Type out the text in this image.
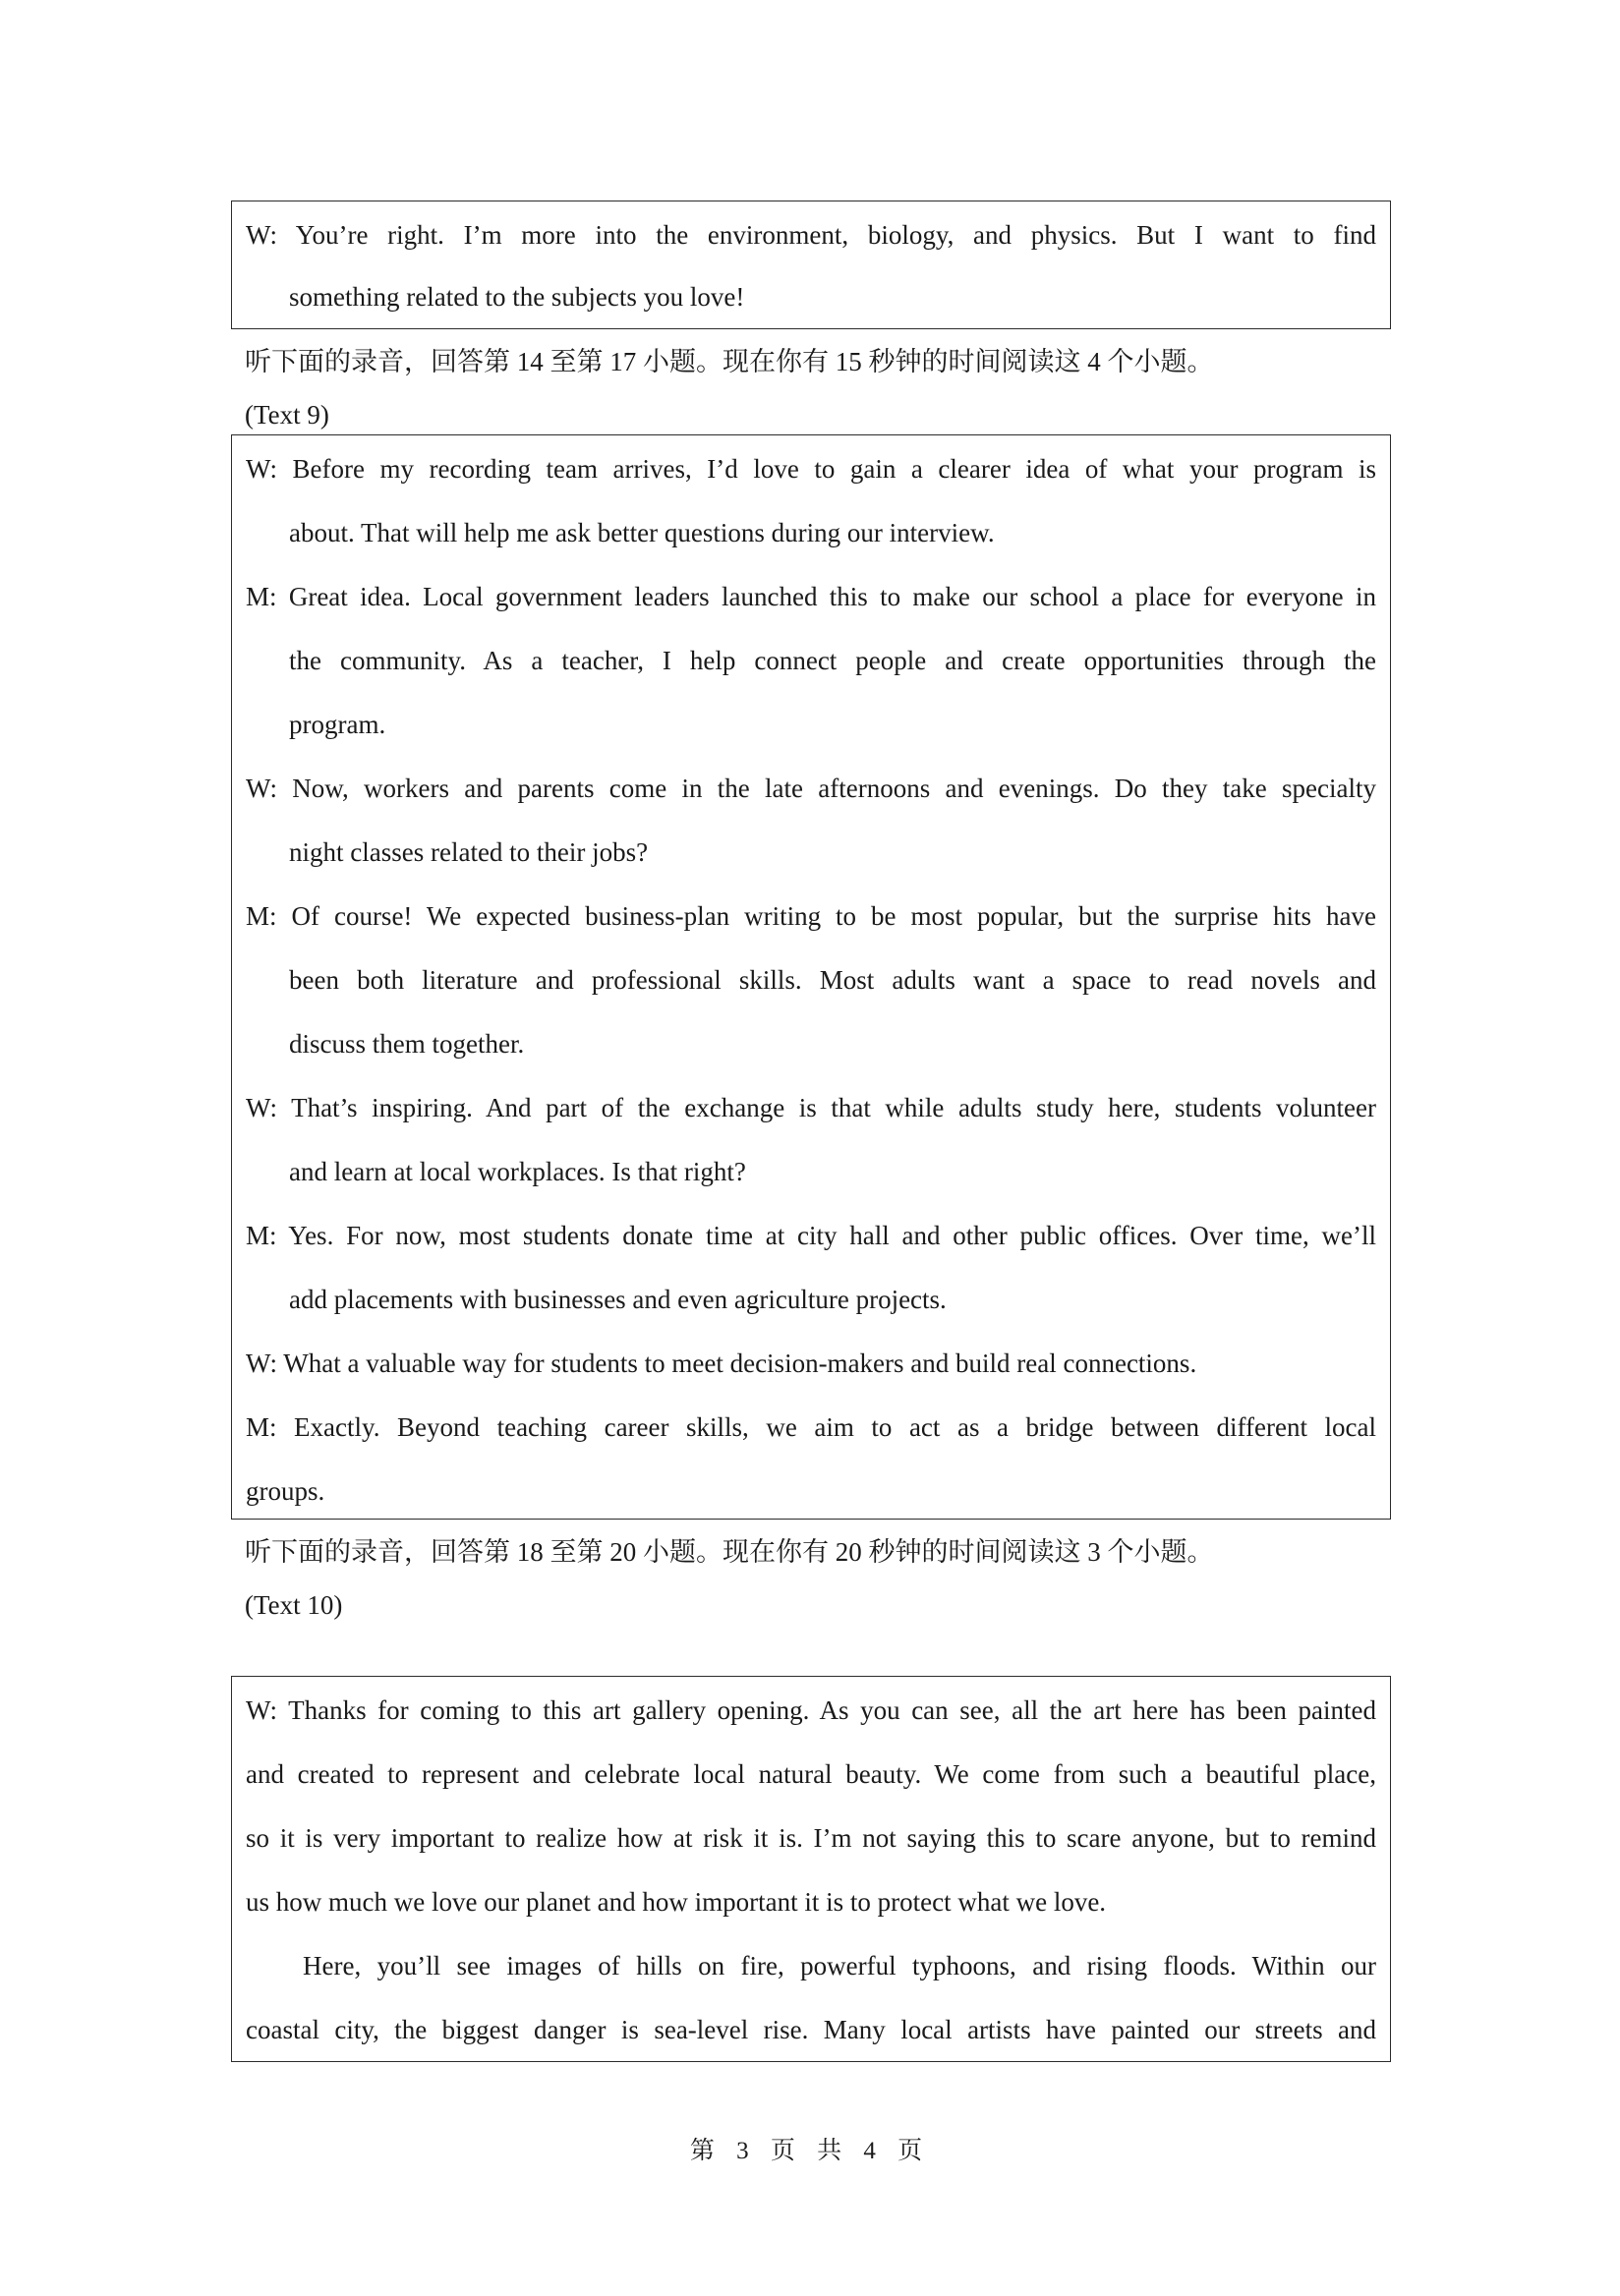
W: You’re right. I’m more into the environment, biology, and physics. But I want to find
something related to the subjects you love!
听下面的录音，回答第 14 至第 17 小题。现在你有 15 秒钟的时间阅读这 4 个小题。
(Text 9)
W: Before my recording team arrives, I’d love to gain a clearer idea of what your program is
about. That will help me ask better questions during our interview.
M: Great idea. Local government leaders launched this to make our school a place for everyone in
the community. As a teacher, I help connect people and create opportunities through the
program.
W: Now, workers and parents come in the late afternoons and evenings. Do they take specialty
night classes related to their jobs?
M: Of course! We expected business-plan writing to be most popular, but the surprise hits have
been both literature and professional skills. Most adults want a space to read novels and
discuss them together.
W: That’s inspiring. And part of the exchange is that while adults study here, students volunteer
and learn at local workplaces. Is that right?
M: Yes. For now, most students donate time at city hall and other public offices. Over time, we’ll
add placements with businesses and even agriculture projects.
W: What a valuable way for students to meet decision-makers and build real connections.
M: Exactly. Beyond teaching career skills, we aim to act as a bridge between different local
groups.
听下面的录音，回答第 18 至第 20 小题。现在你有 20 秒钟的时间阅读这 3 个小题。
(Text 10)
W: Thanks for coming to this art gallery opening. As you can see, all the art here has been painted
and created to represent and celebrate local natural beauty. We come from such a beautiful place,
so it is very important to realize how at risk it is. I’m not saying this to scare anyone, but to remind
us how much we love our planet and how important it is to protect what we love.
Here, you’ll see images of hills on fire, powerful typhoons, and rising floods. Within our
coastal city, the biggest danger is sea-level rise. Many local artists have painted our streets and
第 3 页 共 4 页
